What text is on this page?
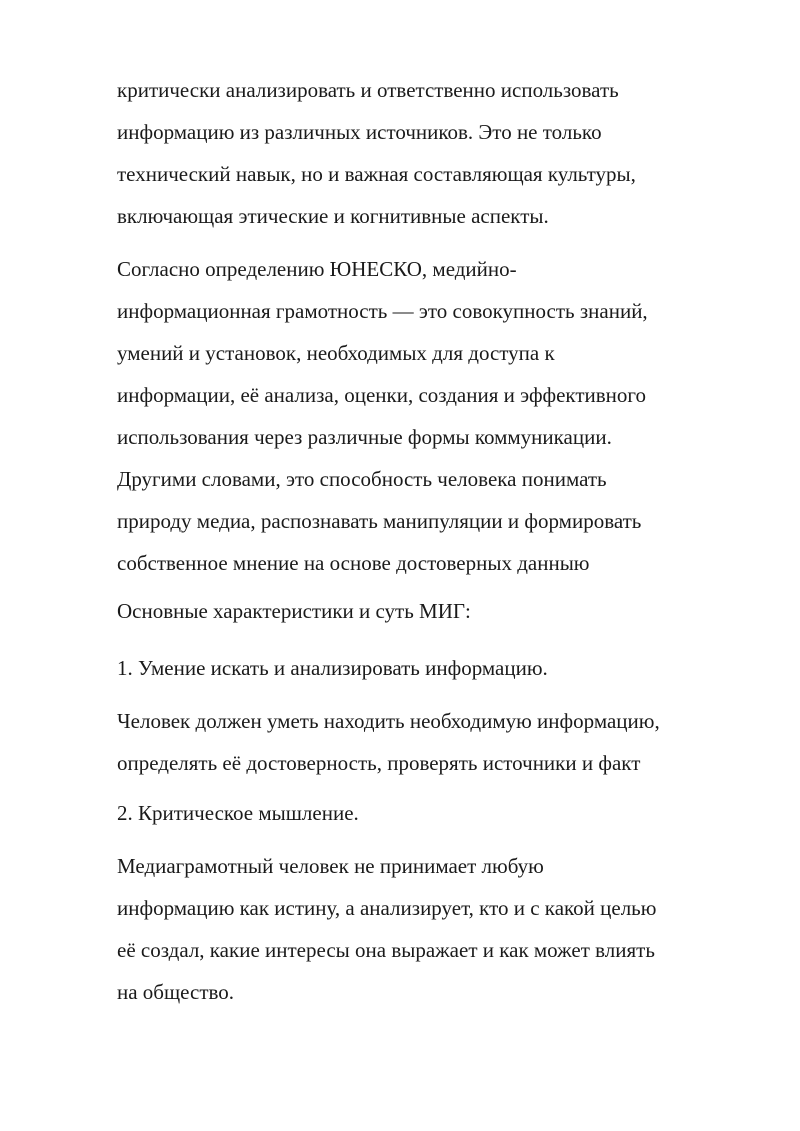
критически анализировать и ответственно использовать
информацию из различных источников. Это не только
технический навык, но и важная составляющая культуры,
включающая этические и когнитивные аспекты.
Согласно определению ЮНЕСКО, медийно-
информационная грамотность — это совокупность знаний,
умений и установок, необходимых для доступа к
информации, её анализа, оценки, создания и эффективного
использования через различные формы коммуникации.
Другими словами, это способность человека понимать
природу медиа, распознавать манипуляции и формировать
собственное мнение на основе достоверных данныю
Основные характеристики и суть МИГ:
1. Умение искать и анализировать информацию.
Человек должен уметь находить необходимую информацию,
определять её достоверность, проверять источники и факт
2. Критическое мышление.
Медиаграмотный человек не принимает любую
информацию как истину, а анализирует, кто и с какой целью
её создал, какие интересы она выражает и как может влиять
на общество.
